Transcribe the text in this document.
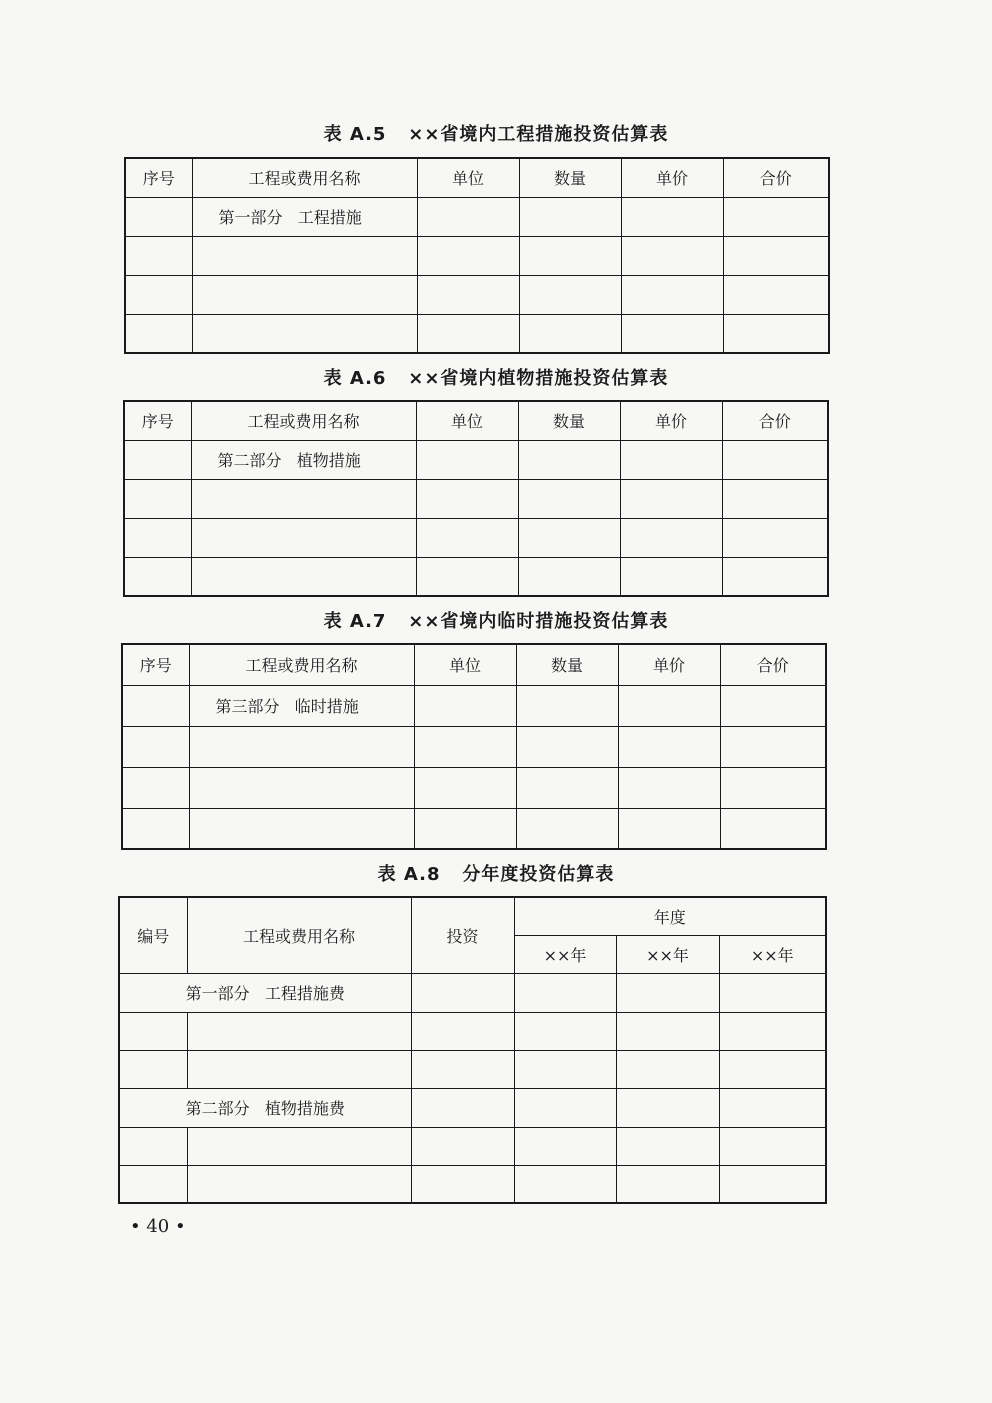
表 A.5   ××省境内工程措施投资估算表
序号	工程或费用名称	单位	数量	单价	合价
	第一部分   工程措施				

表 A.6   ××省境内植物措施投资估算表
序号	工程或费用名称	单位	数量	单价	合价
	第二部分   植物措施				

表 A.7   ××省境内临时措施投资估算表
序号	工程或费用名称	单位	数量	单价	合价
	第三部分   临时措施				

表 A.8   分年度投资估算表
编号	工程或费用名称	投资	年度		
			××年	××年	××年
第一部分   工程措施费					

第二部分   植物措施费					

• 40 •
